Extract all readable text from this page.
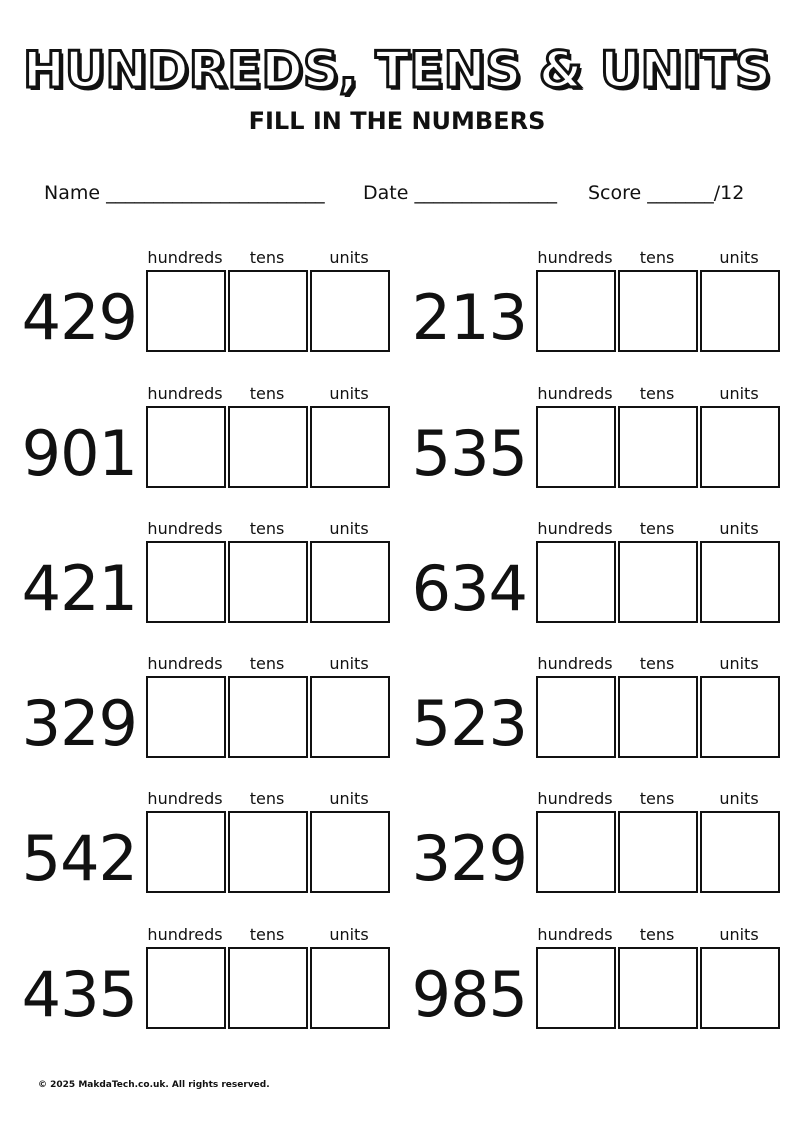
HUNDREDS, TENS & UNITS
FILL IN THE NUMBERS
Name _______________________ Date _______________ Score _______/12
429
hundreds	tens	units
213
hundreds	tens	units
901
hundreds	tens	units
535
hundreds	tens	units
421
hundreds	tens	units
634
hundreds	tens	units
329
hundreds	tens	units
523
hundreds	tens	units
542
hundreds	tens	units
329
hundreds	tens	units
435
hundreds	tens	units
985
hundreds	tens	units
© 2025 MakdaTech.co.uk. All rights reserved.
